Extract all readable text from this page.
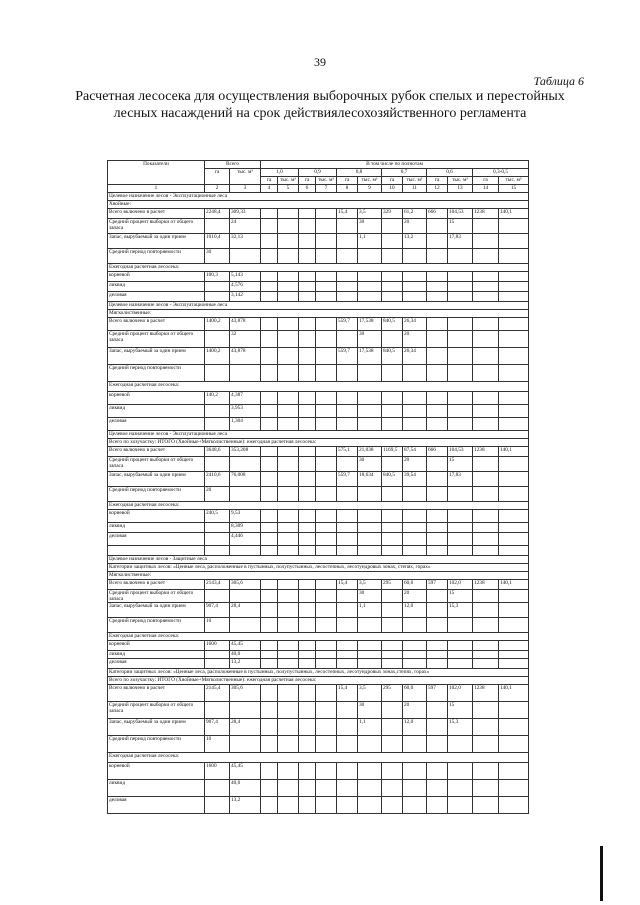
39
Таблица 6
Расчетная лесосека для осуществления выборочных рубок спелых и перестойных лесных насаждений на срок действиялесохозяйственного регламента
Показатели	Всего		В том числе по полнотам											
	га	тыс. м³	1,0		0,9		0,8		0,7		0,6		0,3-0,5	
			га	тыс. м³	га	тыс. м³	га	тыс. м³	га	тыс. м³	га	тыс. м³	га	тыс. м³
1	2	3	4	5	6	7	8	9	10	11	12	13	14	15
Целевое назначение лесов - Эксплуатационные леса														
Хвойные:														
Всего включено в расчет	2248,4	309,33					15,4	3,5	329	61,2	666	104,53	1238	140,1
Средний процент выборки от общего запаса		24						30		20		15		
Запас, вырубаемый за один прием	1010,4	32,13						1,1		13,2		17,83		
Средний период повторяемости	30													
Ежегодная расчетная лесосека:														
корневой	100,3	5,143												
ликвид		4,576												
деловая		3,142												
Целевое назначение лесов - Эксплуатационные леса														
Мягколиственные:														
Всего включено в расчет	1400,2	43,878					559,7	17,538	840,5	26,34				
Средний процент выборки от общего запаса		32						30		20				
Запас, вырубаемый за один прием	1400,2	43,878					559,7	17,538	840,5	26,34				
Средний период повторяемости														
Ежегодная расчетная лесосека:														
корневой	140,2	4,387												
ликвид		3,953												
деловая		1,304												
Целевое назначение лесов - Эксплуатационные леса														
Всего по хозучастку: ИТОГО (Хвойные+Мягколиственные): ежегодная расчетная лесосека:														
Всего включено в расчет	3648,6	353,208					575,1	21,038	1169,5	87,54	666	104,53	1238	140,1
Средний процент выборки от общего запаса								30		20		15		
Запас, вырубаемый за один прием	2410,6	76,008					559,7	18,634	840,5	39,54		17,83		
Средний период повторяемости	20													
Ежегодная расчетная лесосека:														
корневой	240,5	9,53												
ликвид		8,309												
деловая		4,446												

Целевое назначение лесов - Защитные леса														
Категории защитных лесов: «Ценные леса, расположенные в пустынных, полупустынных, лесостепных, лесотундровых зонах, степях, горах»														
Мягколиственные:														
Всего включено в расчет	2143,4	305,6					15,4	3,5	295	60,0	597	102,0	1238	140,1
Средний процент выборки от общего запаса								30		20		15		
Запас, вырубаемый за один прием	907,4	28,4						1,1		12,0		15,3		
Средний период повторяемости	10													
Ежегодная расчетная лесосека:														
корневой	1600	45,45												
ликвид		40,0												
деловая		13,2												
Категории защитных лесов: «Ценные леса, расположенные в пустынных, полупустынных, лесостепных, лесотундровых зонах,степях, горах»														
Всего по хозучастку: ИТОГО (Хвойные+Мягколиственные): ежегодная расчетная лесосека:														
Всего включено в расчет	2145,4	305,6					15,4	3,5	295	60,0	597	102,0	1238	140,1
Средний процент выборки от общего запаса								30		20		15		
Запас, вырубаемый за один прием	907,4	28,4						1,1		12,0		15,3		
Средний период повторяемости	10													
Ежегодная расчетная лесосека:														
корневой	1600	45,45												
ликвид		40,0												
деловая		13,2												
